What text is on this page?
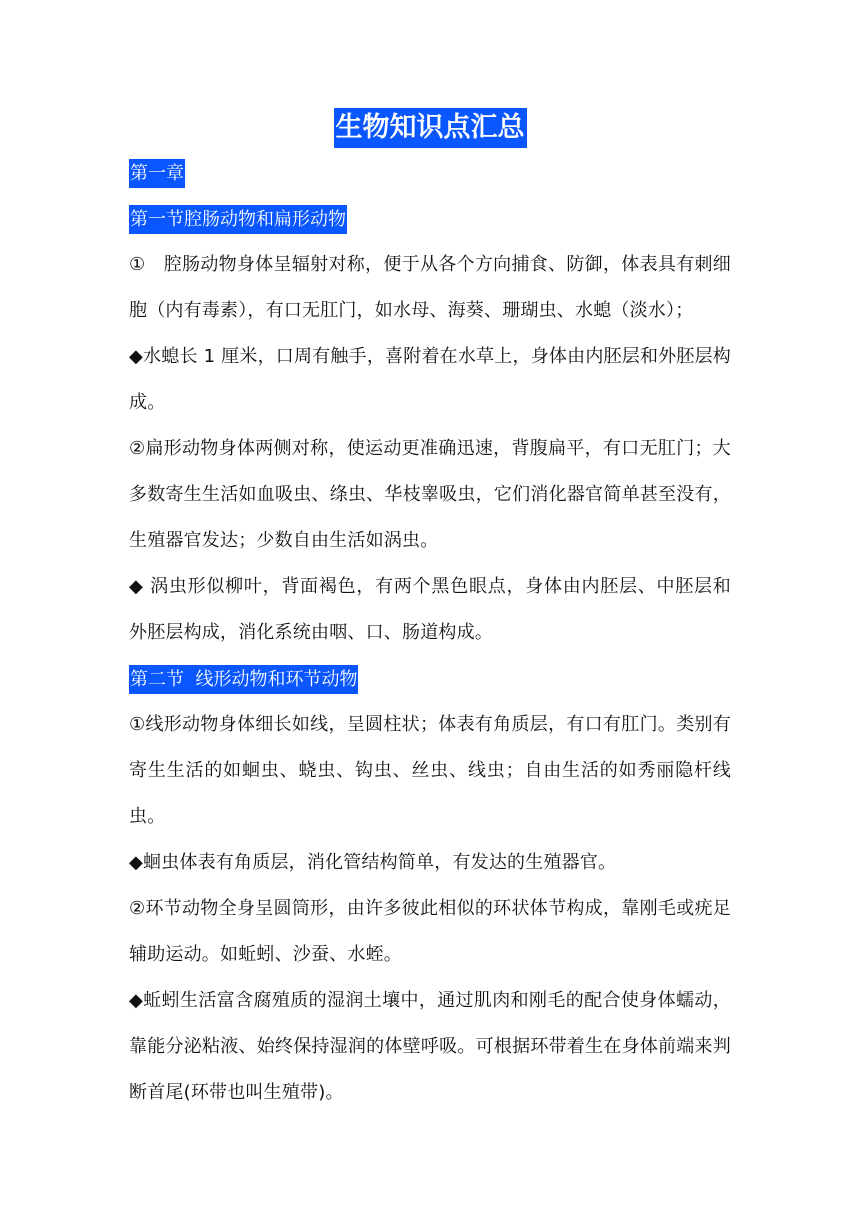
生物知识点汇总
第一章
第一节腔肠动物和扁形动物

①　腔肠动物身体呈辐射对称，便于从各个方向捕食、防御，体表具有刺细胞（内有毒素），有口无肛门，如水母、海葵、珊瑚虫、水螅（淡水）；

◆水螅长 1 厘米，口周有触手，喜附着在水草上，身体由内胚层和外胚层构成。

②扁形动物身体两侧对称，使运动更准确迅速，背腹扁平，有口无肛门；大多数寄生生活如血吸虫、绦虫、华枝睾吸虫，它们消化器官简单甚至没有，生殖器官发达；少数自由生活如涡虫。

◆ 涡虫形似柳叶，背面褐色，有两个黑色眼点，身体由内胚层、中胚层和外胚层构成，消化系统由咽、口、肠道构成。

第二节  线形动物和环节动物

①线形动物身体细长如线，呈圆柱状；体表有角质层，有口有肛门。类别有寄生生活的如蛔虫、蛲虫、钩虫、丝虫、线虫；自由生活的如秀丽隐杆线虫。

◆蛔虫体表有角质层，消化管结构简单，有发达的生殖器官。

②环节动物全身呈圆筒形，由许多彼此相似的环状体节构成，靠刚毛或疣足辅助运动。如蚯蚓、沙蚕、水蛭。

◆蚯蚓生活富含腐殖质的湿润土壤中，通过肌肉和刚毛的配合使身体蠕动，靠能分泌粘液、始终保持湿润的体壁呼吸。可根据环带着生在身体前端来判断首尾(环带也叫生殖带)。
